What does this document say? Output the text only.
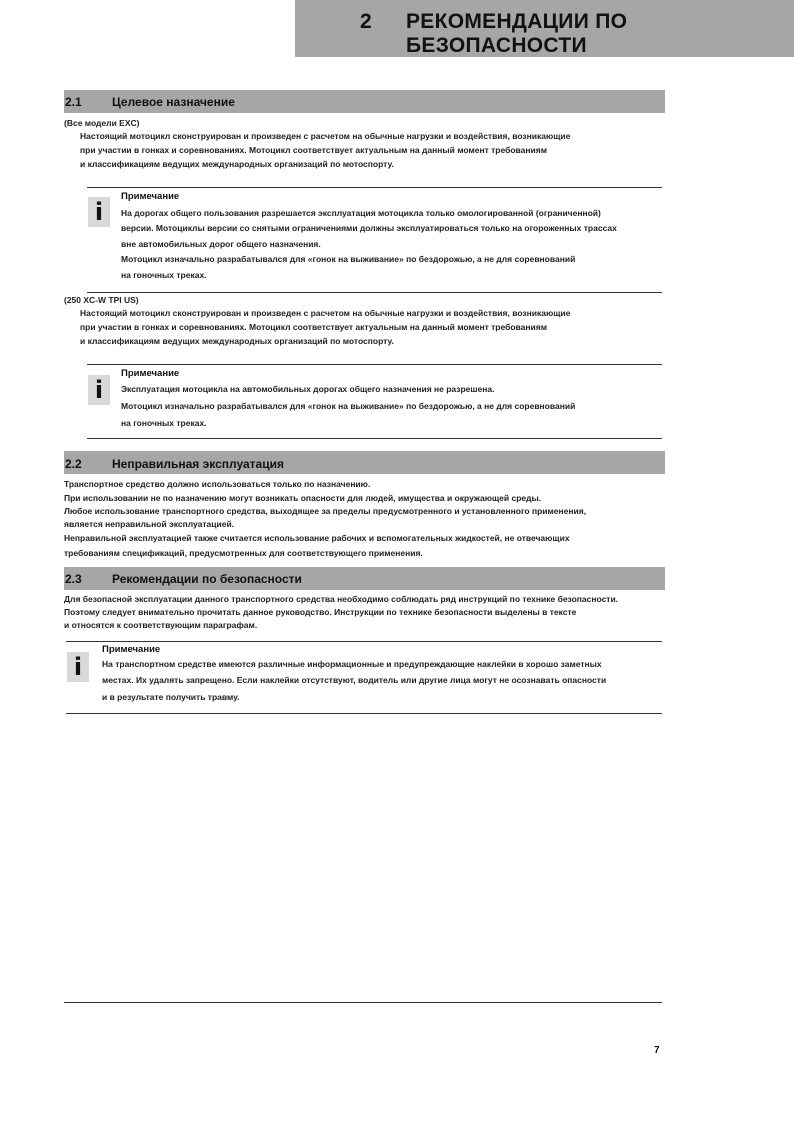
2 РЕКОМЕНДАЦИИ ПО БЕЗОПАСНОСТИ
2.1	Целевое назначение
(Все модели EXC)
Настоящий мотоцикл сконструирован и произведен с расчетом на обычные нагрузки и воздействия, возникающие
при участии в гонках и соревнованиях. Мотоцикл соответствует актуальным на данный момент требованиям
и классификациям ведущих международных организаций по мотоспорту.
i
Примечание
На дорогах общего пользования разрешается эксплуатация мотоцикла только омологированной (ограниченной)
версии. Мотоциклы версии со снятыми ограничениями должны эксплуатироваться только на огороженных трассах
вне автомобильных дорог общего назначения.
Мотоцикл изначально разрабатывался для «гонок на выживание» по бездорожью, а не для соревнований
на гоночных треках.
(250 XC-W TPI US)
Настоящий мотоцикл сконструирован и произведен с расчетом на обычные нагрузки и воздействия, возникающие
при участии в гонках и соревнованиях. Мотоцикл соответствует актуальным на данный момент требованиям
и классификациям ведущих международных организаций по мотоспорту.
i
Примечание
Эксплуатация мотоцикла на автомобильных дорогах общего назначения не разрешена.
Мотоцикл изначально разрабатывался для «гонок на выживание» по бездорожью, а не для соревнований
на гоночных треках.
2.2	Неправильная эксплуатация
Транспортное средство должно использоваться только по назначению.
При использовании не по назначению могут возникать опасности для людей, имущества и окружающей среды.
Любое использование транспортного средства, выходящее за пределы предусмотренного и установленного применения,
является неправильной эксплуатацией.
Неправильной эксплуатацией также считается использование рабочих и вспомогательных жидкостей, не отвечающих
требованиям спецификаций, предусмотренных для соответствующего применения.
2.3	Рекомендации по безопасности
Для безопасной эксплуатации данного транспортного средства необходимо соблюдать ряд инструкций по технике безопасности.
Поэтому следует внимательно прочитать данное руководство. Инструкции по технике безопасности выделены в тексте
и относятся к соответствующим параграфам.
i
Примечание
На транспортном средстве имеются различные информационные и предупреждающие наклейки в хорошо заметных
местах. Их удалять запрещено. Если наклейки отсутствуют, водитель или другие лица могут не осознавать опасности
и в результате получить травму.
7
